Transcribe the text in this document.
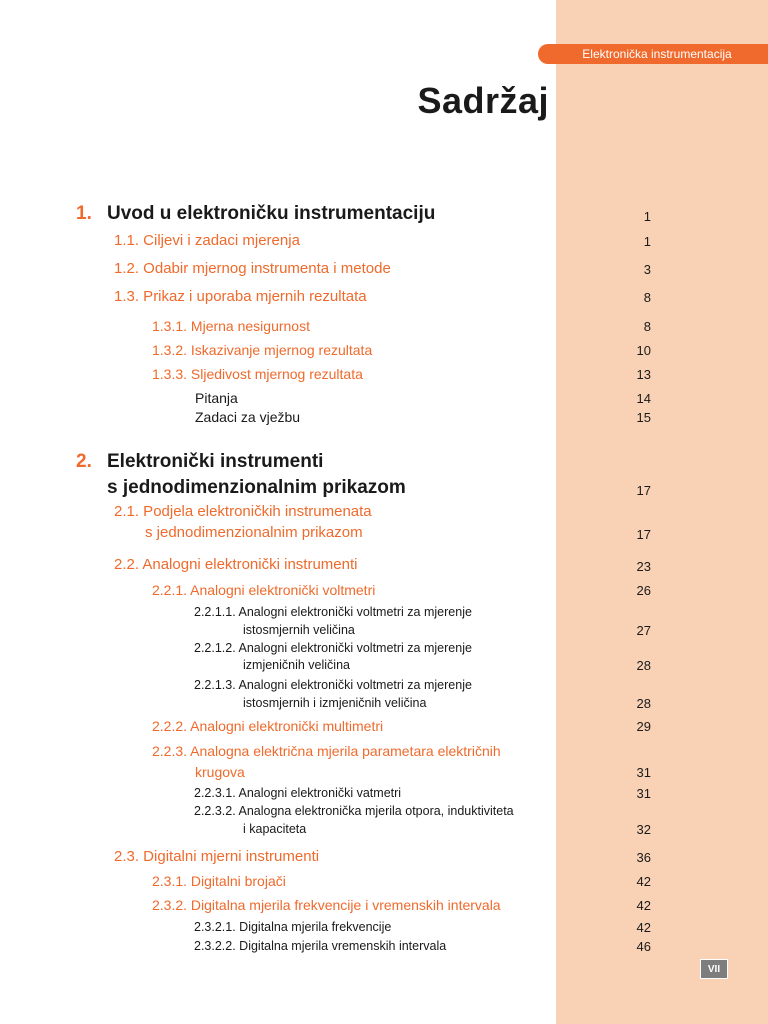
Elektronička instrumentacija
Sadržaj
1. Uvod u elektroničku instrumentaciju	1
1.1. Ciljevi i zadaci mjerenja	1
1.2. Odabir mjernog instrumenta i metode	3
1.3. Prikaz i uporaba mjernih rezultata	8
1.3.1. Mjerna nesigurnost	8
1.3.2. Iskazivanje mjernog rezultata	10
1.3.3. Sljedivost mjernog rezultata	13
Pitanja	14
Zadaci za vježbu	15
2. Elektronički instrumenti
s jednodimenzionalnim prikazom	17
2.1. Podjela elektroničkih instrumenata
s jednodimenzionalnim prikazom	17
2.2. Analogni elektronički instrumenti	23
2.2.1. Analogni elektronički voltmetri	26
2.2.1.1. Analogni elektronički voltmetri za mjerenje
istosmjernih veličina	27
2.2.1.2. Analogni elektronički voltmetri za mjerenje
izmjeničnih veličina	28
2.2.1.3. Analogni elektronički voltmetri za mjerenje
istosmjernih i izmjeničnih veličina	28
2.2.2. Analogni elektronički multimetri	29
2.2.3. Analogna električna mjerila parametara električnih
krugova	31
2.2.3.1. Analogni elektronički vatmetri	31
2.2.3.2. Analogna elektronička mjerila otpora, induktiviteta
i kapaciteta	32
2.3. Digitalni mjerni instrumenti	36
2.3.1. Digitalni brojači	42
2.3.2. Digitalna mjerila frekvencije i vremenskih intervala	42
2.3.2.1. Digitalna mjerila frekvencije	42
2.3.2.2. Digitalna mjerila vremenskih intervala	46
VII
